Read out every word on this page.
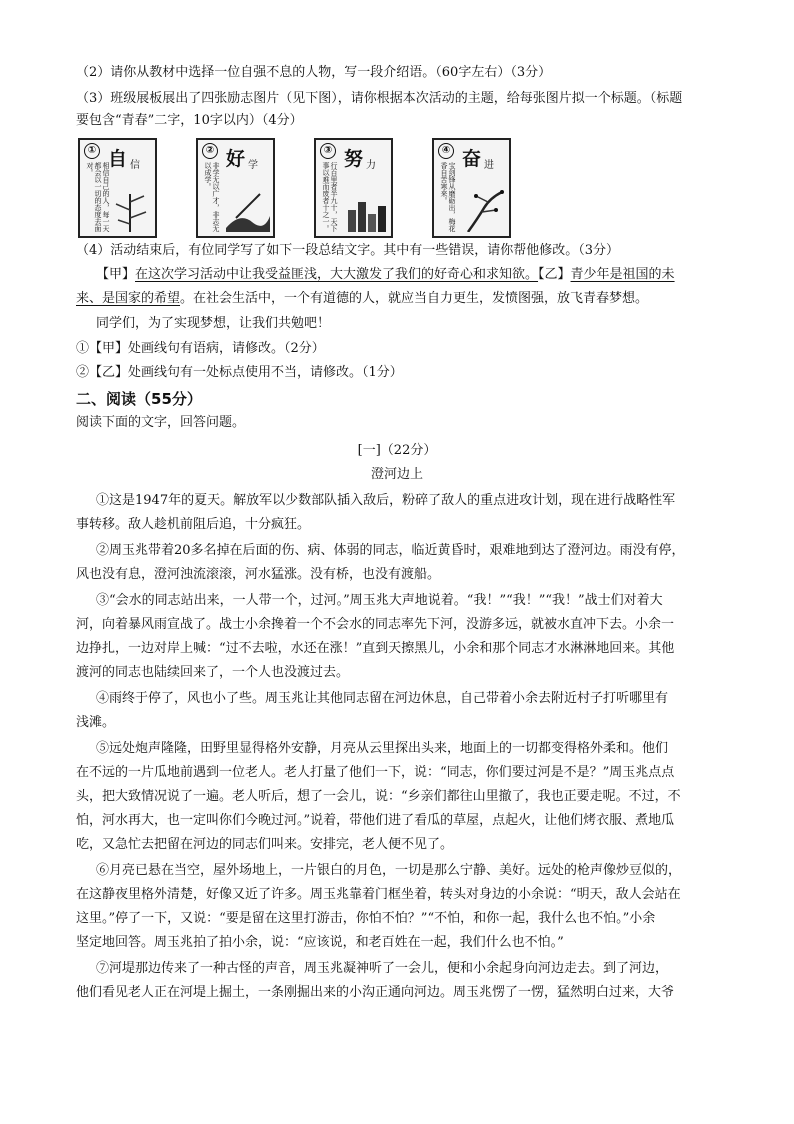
（2）请你从教材中选择一位自强不息的人物，写一段介绍语。（60字左右）（3分）
（3）班级展板展出了四张励志图片（见下图），请你根据本次活动的主题，给每张图片拟一个标题。（标题
要包含“青春”二字，10字以内）（4分）
① 自 信
相信自己的人，每一天都会以一切的态度去面对。
② 好 学
非学无以广才，非志无以成学。
③ 努 力
行百里者半九十，天下事以难而废者十之一。
④ 奋 进
宝剑锋从磨砺出，梅花香自苦寒来。
（4）活动结束后，有位同学写了如下一段总结文字。其中有一些错误，请你帮他修改。（3分）
【甲】在这次学习活动中让我受益匪浅，大大激发了我们的好奇心和求知欲。【乙】青少年是祖国的未
来、是国家的希望。在社会生活中，一个有道德的人，就应当自力更生，发愤图强，放飞青春梦想。
同学们，为了实现梦想，让我们共勉吧！
①【甲】处画线句有语病，请修改。（2分）
②【乙】处画线句有一处标点使用不当，请修改。（1分）
二、阅读（55分）
阅读下面的文字，回答问题。
[一]（22分）
澄河边上
①这是1947年的夏天。解放军以少数部队插入敌后，粉碎了敌人的重点进攻计划，现在进行战略性军
事转移。敌人趁机前阻后追，十分疯狂。
②周玉兆带着20多名掉在后面的伤、病、体弱的同志，临近黄昏时，艰难地到达了澄河边。雨没有停，
风也没有息，澄河浊流滚滚，河水猛涨。没有桥，也没有渡船。
③“会水的同志站出来，一人带一个，过河。”周玉兆大声地说着。“我！”“我！”“我！”战士们对着大
河，向着暴风雨宣战了。战士小余搀着一个不会水的同志率先下河，没游多远，就被水直冲下去。小余一
边挣扎，一边对岸上喊：“过不去啦，水还在涨！”直到天擦黑儿，小余和那个同志才水淋淋地回来。其他
渡河的同志也陆续回来了，一个人也没渡过去。
④雨终于停了，风也小了些。周玉兆让其他同志留在河边休息，自己带着小余去附近村子打听哪里有
浅滩。
⑤远处炮声隆隆，田野里显得格外安静，月亮从云里探出头来，地面上的一切都变得格外柔和。他们
在不远的一片瓜地前遇到一位老人。老人打量了他们一下，说：“同志，你们要过河是不是？”周玉兆点点
头，把大致情况说了一遍。老人听后，想了一会儿，说：“乡亲们都往山里撤了，我也正要走呢。不过，不
怕，河水再大，也一定叫你们今晚过河。”说着，带他们进了看瓜的草屋，点起火，让他们烤衣服、煮地瓜
吃，又急忙去把留在河边的同志们叫来。安排完，老人便不见了。
⑥月亮已悬在当空，屋外场地上，一片银白的月色，一切是那么宁静、美好。远处的枪声像炒豆似的，
在这静夜里格外清楚，好像又近了许多。周玉兆靠着门框坐着，转头对身边的小余说：“明天，敌人会站在
这里。”停了一下，又说：“要是留在这里打游击，你怕不怕？”“不怕，和你一起，我什么也不怕。”小余
坚定地回答。周玉兆拍了拍小余，说：“应该说，和老百姓在一起，我们什么也不怕。”
⑦河堤那边传来了一种古怪的声音，周玉兆凝神听了一会儿，便和小余起身向河边走去。到了河边，
他们看见老人正在河堤上掘土，一条刚掘出来的小沟正通向河边。周玉兆愣了一愣，猛然明白过来，大爷
